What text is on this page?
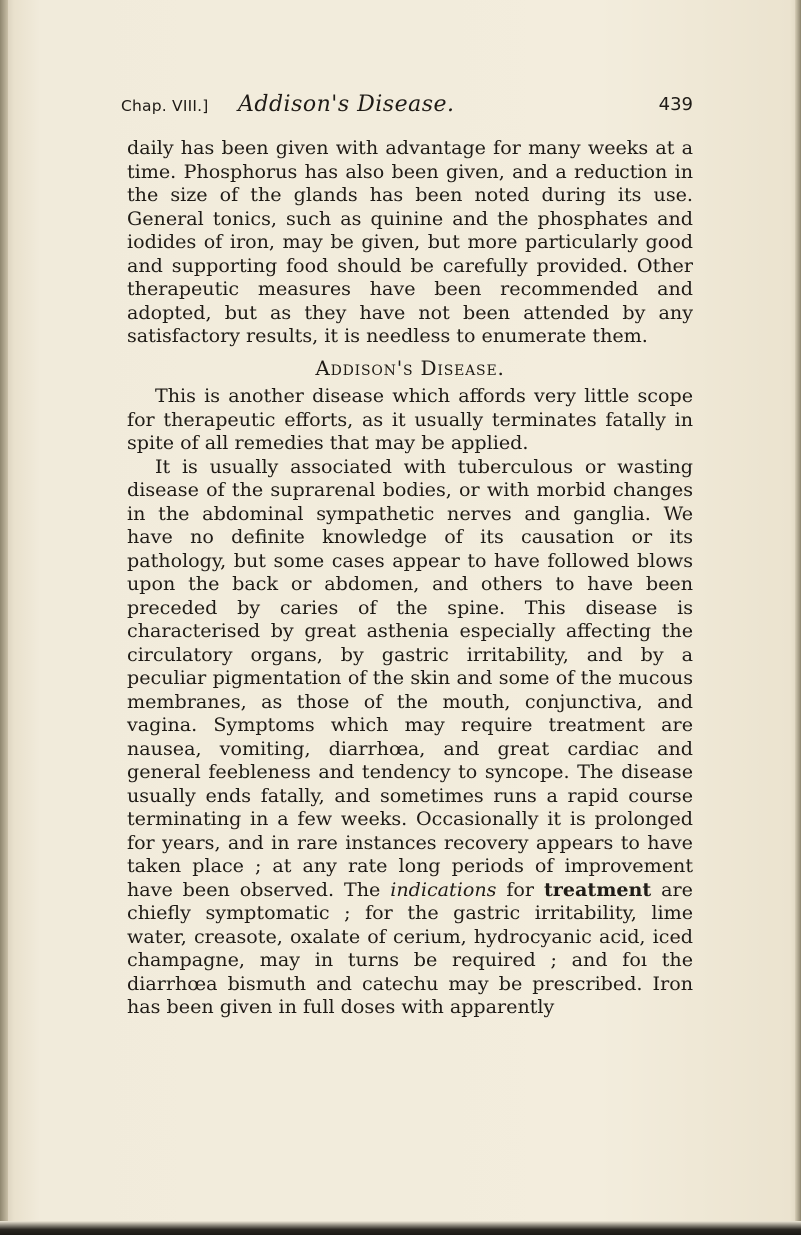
Chap. VIII.] Addison's Disease.	439

daily has been given with advantage for many weeks at a time. Phosphorus has also been given, and a reduction in the size of the glands has been noted during its use. General tonics, such as quinine and the phosphates and iodides of iron, may be given, but more particularly good and supporting food should be carefully provided. Other therapeutic measures have been recommended and adopted, but as they have not been attended by any satisfactory results, it is needless to enumerate them.

Addison's Disease.

This is another disease which affords very little scope for therapeutic efforts, as it usually terminates fatally in spite of all remedies that may be applied.

It is usually associated with tuberculous or wasting disease of the suprarenal bodies, or with morbid changes in the abdominal sympathetic nerves and ganglia. We have no definite knowledge of its causation or its pathology, but some cases appear to have followed blows upon the back or abdomen, and others to have been preceded by caries of the spine. This disease is characterised by great asthenia especially affecting the circulatory organs, by gastric irritability, and by a peculiar pigmentation of the skin and some of the mucous membranes, as those of the mouth, conjunctiva, and vagina. Symptoms which may require treatment are nausea, vomiting, diarrhœa, and great cardiac and general feebleness and tendency to syncope. The disease usually ends fatally, and sometimes runs a rapid course terminating in a few weeks. Occasionally it is prolonged for years, and in rare instances recovery appears to have taken place ; at any rate long periods of improvement have been observed. The indications for treatment are chiefly symptomatic ; for the gastric irritability, lime water, creasote, oxalate of cerium, hydrocyanic acid, iced champagne, may in turns be required ; and foı the diarrhœa bismuth and catechu may be prescribed. Iron has been given in full doses with apparently
